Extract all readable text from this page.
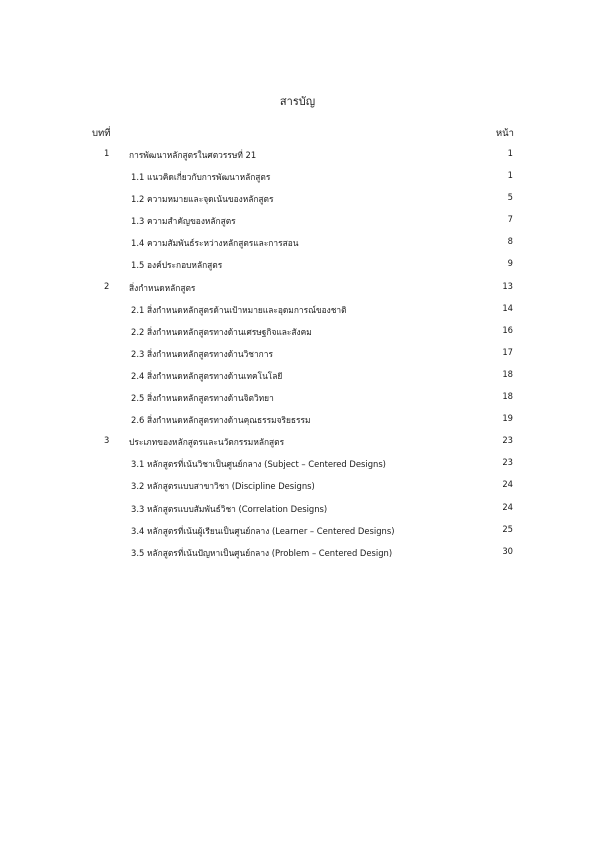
สารบัญ
บทที่	หน้า
1 การพัฒนาหลักสูตรในศตวรรษที่ 21	1
1.1 แนวคิดเกี่ยวกับการพัฒนาหลักสูตร	1
1.2 ความหมายและจุดเน้นของหลักสูตร	5
1.3 ความสำคัญของหลักสูตร	7
1.4 ความสัมพันธ์ระหว่างหลักสูตรและการสอน	8
1.5 องค์ประกอบหลักสูตร	9
2 สิ่งกำหนดหลักสูตร	13
2.1 สิ่งกำหนดหลักสูตรด้านเป้าหมายและอุดมการณ์ของชาติ	14
2.2 สิ่งกำหนดหลักสูตรทางด้านเศรษฐกิจและสังคม	16
2.3 สิ่งกำหนดหลักสูตรทางด้านวิชาการ	17
2.4 สิ่งกำหนดหลักสูตรทางด้านเทคโนโลยี	18
2.5 สิ่งกำหนดหลักสูตรทางด้านจิตวิทยา	18
2.6 สิ่งกำหนดหลักสูตรทางด้านคุณธรรมจริยธรรม	19
3 ประเภทของหลักสูตรและนวัตกรรมหลักสูตร	23
3.1 หลักสูตรที่เน้นวิชาเป็นศูนย์กลาง (Subject – Centered Designs)	23
3.2 หลักสูตรแบบสาขาวิชา (Discipline Designs)	24
3.3 หลักสูตรแบบสัมพันธ์วิชา (Correlation Designs)	24
3.4 หลักสูตรที่เน้นผู้เรียนเป็นศูนย์กลาง (Learner – Centered Designs)	25
3.5 หลักสูตรที่เน้นปัญหาเป็นศูนย์กลาง (Problem – Centered Design)	30
